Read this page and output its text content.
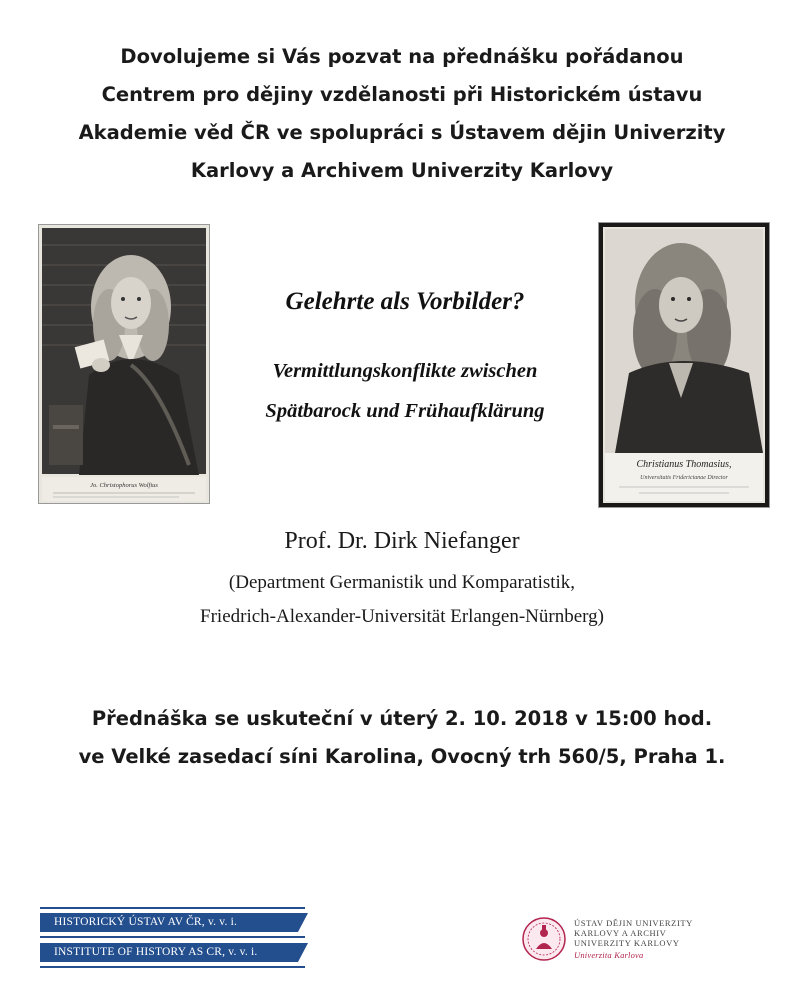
Dovolujeme si Vás pozvat na přednášku pořádanou
Centrem pro dějiny vzdělanosti při Historickém ústavu
Akademie věd ČR ve spolupráci s Ústavem dějin Univerzity
Karlovy a Archivem Univerzity Karlovy
Jo. Christophorus Wolfius
Christianus Thomasius,
Universitatis Fridericianae Director
Gelehrte als Vorbilder?
Vermittlungskonflikte zwischen
Spätbarock und Frühaufklärung
Prof. Dr. Dirk Niefanger
(Department Germanistik und Komparatistik,
Friedrich-Alexander-Universität Erlangen-Nürnberg)
Přednáška se uskuteční v úterý 2. 10. 2018 v 15:00 hod.
ve Velké zasedací síni Karolina, Ovocný trh 560/5, Praha 1.
HISTORICKÝ ÚSTAV AV ČR, v. v. i.
INSTITUTE OF HISTORY AS CR, v. v. i.
ÚSTAV DĚJIN UNIVERZITY
KARLOVY A ARCHIV
UNIVERZITY KARLOVY
Univerzita Karlova
